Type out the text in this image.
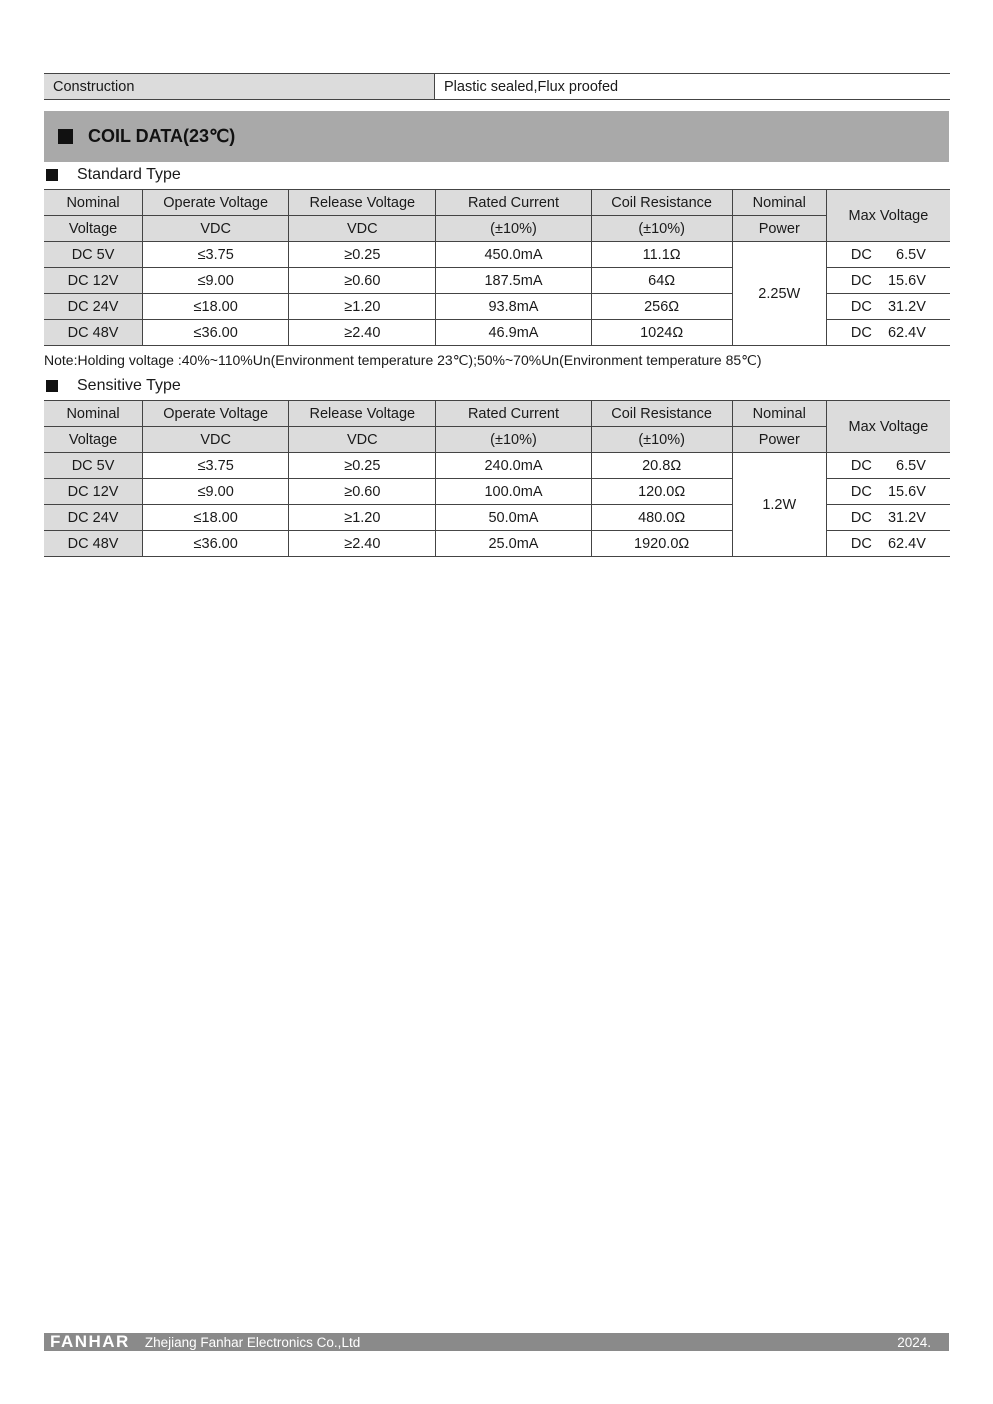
Construction	Plastic sealed,Flux proofed
COIL DATA(23℃)
Standard Type
Nominal	Operate Voltage	Release Voltage	Rated Current	Coil Resistance	Nominal	Max Voltage
Voltage	VDC	VDC	(±10%)	(±10%)	Power	
DC 5V	≤3.75	≥0.25	450.0mA	11.1Ω	2.25W	DC      6.5V
DC 12V	≤9.00	≥0.60	187.5mA	64Ω		DC    15.6V
DC 24V	≤18.00	≥1.20	93.8mA	256Ω		DC    31.2V
DC 48V	≤36.00	≥2.40	46.9mA	1024Ω		DC    62.4V
Note:Holding voltage :40%~110%Un(Environment temperature 23℃);50%~70%Un(Environment temperature 85℃)
Sensitive Type
Nominal	Operate Voltage	Release Voltage	Rated Current	Coil Resistance	Nominal	Max Voltage
Voltage	VDC	VDC	(±10%)	(±10%)	Power	
DC 5V	≤3.75	≥0.25	240.0mA	20.8Ω	1.2W	DC      6.5V
DC 12V	≤9.00	≥0.60	100.0mA	120.0Ω		DC    15.6V
DC 24V	≤18.00	≥1.20	50.0mA	480.0Ω		DC    31.2V
DC 48V	≤36.00	≥2.40	25.0mA	1920.0Ω		DC    62.4V
FANHAR Zhejiang Fanhar Electronics Co.,Ltd	2024.
